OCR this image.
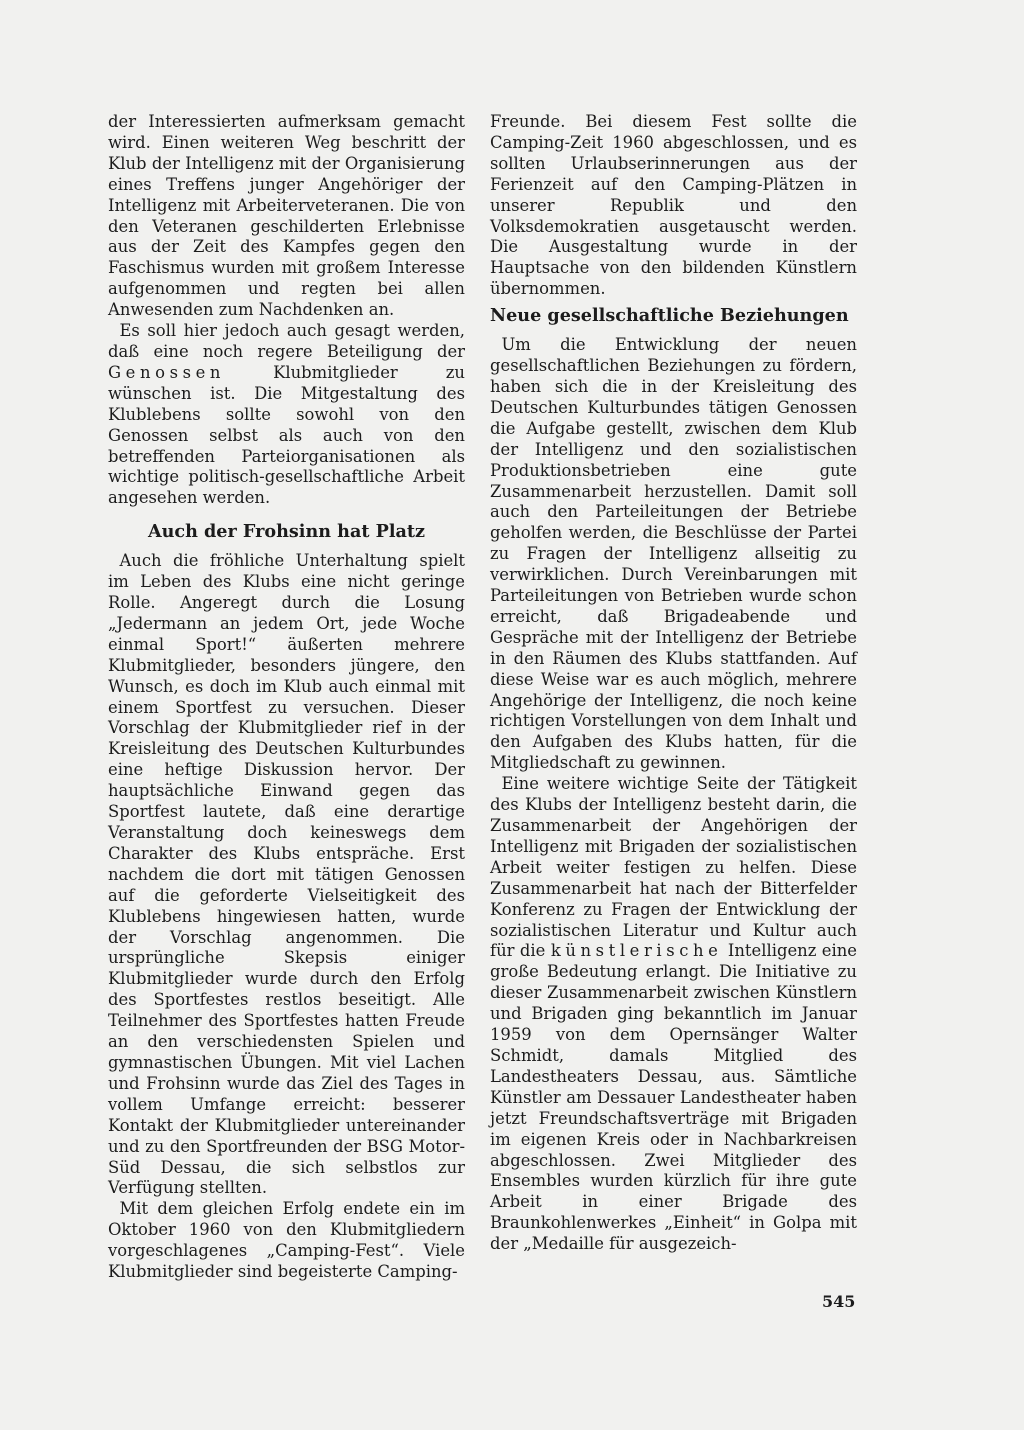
der Interessierten aufmerksam gemacht wird. Einen weiteren Weg beschritt der Klub der Intelligenz mit der Organisierung eines Treffens junger Angehöriger der Intelligenz mit Arbeiterveteranen. Die von den Veteranen geschilderten Erlebnisse aus der Zeit des Kampfes gegen den Faschismus wurden mit großem Interesse aufgenommen und regten bei allen Anwesenden zum Nachdenken an.

Es soll hier jedoch auch gesagt werden, daß eine noch regere Beteiligung der Genossen Klubmitglieder zu wünschen ist. Die Mitgestaltung des Klublebens sollte sowohl von den Genossen selbst als auch von den betreffenden Parteiorganisationen als wichtige politisch-gesellschaftliche Arbeit angesehen werden.

Auch der Frohsinn hat Platz

Auch die fröhliche Unterhaltung spielt im Leben des Klubs eine nicht geringe Rolle. Angeregt durch die Losung „Jedermann an jedem Ort, jede Woche einmal Sport!“ äußerten mehrere Klubmitglieder, besonders jüngere, den Wunsch, es doch im Klub auch einmal mit einem Sportfest zu versuchen. Dieser Vorschlag der Klubmitglieder rief in der Kreisleitung des Deutschen Kulturbundes eine heftige Diskussion hervor. Der hauptsächliche Einwand gegen das Sportfest lautete, daß eine derartige Veranstaltung doch keineswegs dem Charakter des Klubs entspräche. Erst nachdem die dort mit tätigen Genossen auf die geforderte Vielseitigkeit des Klublebens hingewiesen hatten, wurde der Vorschlag angenommen. Die ursprüngliche Skepsis einiger Klubmitglieder wurde durch den Erfolg des Sportfestes restlos beseitigt. Alle Teilnehmer des Sportfestes hatten Freude an den verschiedensten Spielen und gymnastischen Übungen. Mit viel Lachen und Frohsinn wurde das Ziel des Tages in vollem Umfange erreicht: besserer Kontakt der Klubmitglieder untereinander und zu den Sportfreunden der BSG Motor-Süd Dessau, die sich selbstlos zur Verfügung stellten.

Mit dem gleichen Erfolg endete ein im Oktober 1960 von den Klubmitgliedern vorgeschlagenes „Camping-Fest“. Viele Klubmitglieder sind begeisterte Camping-

Freunde. Bei diesem Fest sollte die Camping-Zeit 1960 abgeschlossen, und es sollten Urlaubserinnerungen aus der Ferienzeit auf den Camping-Plätzen in unserer Republik und den Volksdemokratien ausgetauscht werden. Die Ausgestaltung wurde in der Hauptsache von den bildenden Künstlern übernommen.

Neue gesellschaftliche Beziehungen

Um die Entwicklung der neuen gesellschaftlichen Beziehungen zu fördern, haben sich die in der Kreisleitung des Deutschen Kulturbundes tätigen Genossen die Aufgabe gestellt, zwischen dem Klub der Intelligenz und den sozialistischen Produktionsbetrieben eine gute Zusammenarbeit herzustellen. Damit soll auch den Parteileitungen der Betriebe geholfen werden, die Beschlüsse der Partei zu Fragen der Intelligenz allseitig zu verwirklichen. Durch Vereinbarungen mit Parteileitungen von Betrieben wurde schon erreicht, daß Brigadeabende und Gespräche mit der Intelligenz der Betriebe in den Räumen des Klubs stattfanden. Auf diese Weise war es auch möglich, mehrere Angehörige der Intelligenz, die noch keine richtigen Vorstellungen von dem Inhalt und den Aufgaben des Klubs hatten, für die Mitgliedschaft zu gewinnen.

Eine weitere wichtige Seite der Tätigkeit des Klubs der Intelligenz besteht darin, die Zusammenarbeit der Angehörigen der Intelligenz mit Brigaden der sozialistischen Arbeit weiter festigen zu helfen. Diese Zusammenarbeit hat nach der Bitterfelder Konferenz zu Fragen der Entwicklung der sozialistischen Literatur und Kultur auch für die künstlerische Intelligenz eine große Bedeutung erlangt. Die Initiative zu dieser Zusammenarbeit zwischen Künstlern und Brigaden ging bekanntlich im Januar 1959 von dem Opernsänger Walter Schmidt, damals Mitglied des Landestheaters Dessau, aus. Sämtliche Künstler am Dessauer Landestheater haben jetzt Freundschaftsverträge mit Brigaden im eigenen Kreis oder in Nachbarkreisen abgeschlossen. Zwei Mitglieder des Ensembles wurden kürzlich für ihre gute Arbeit in einer Brigade des Braunkohlenwerkes „Einheit“ in Golpa mit der „Medaille für ausgezeich-

545
